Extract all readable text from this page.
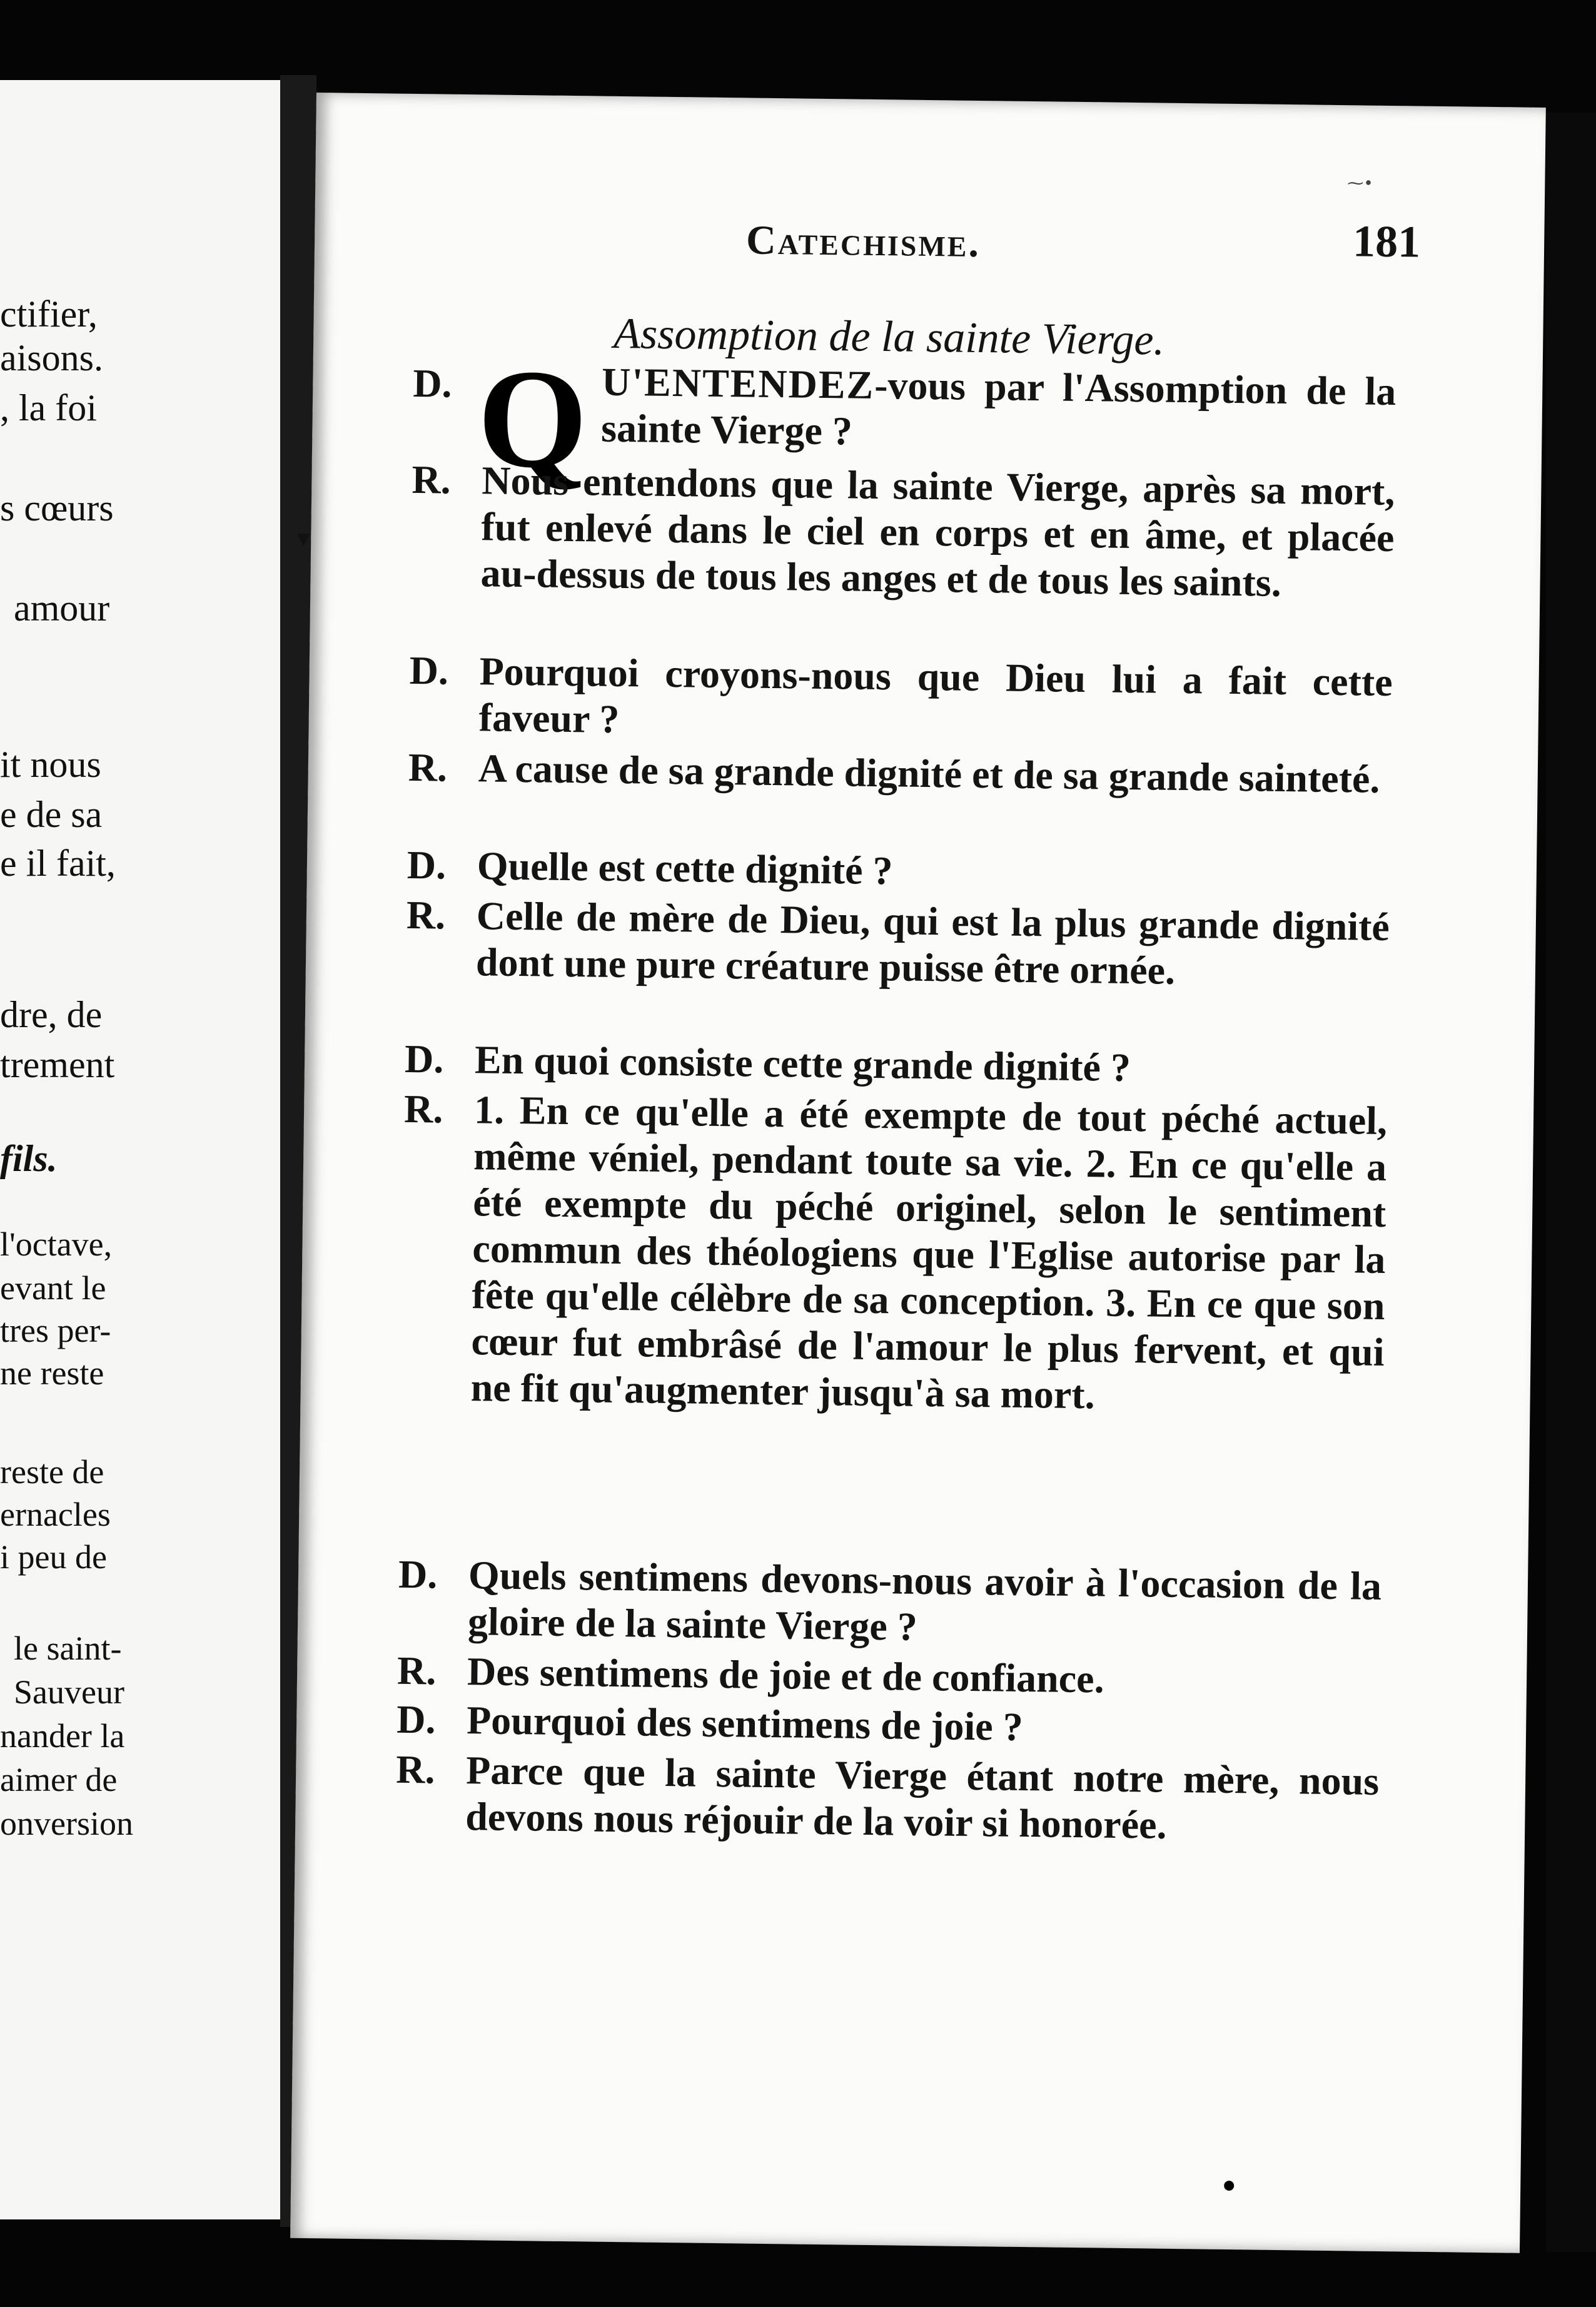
ctifier,
aisons.
, la foi
s cœurs
amour
it nous
e de sa
e il fait,
dre, de
trement
fils.
l'octave,
evant le
tres per-
ne reste
reste de
ernacles
i peu de
le saint-
Sauveur
nander la
aimer de
onversion
⁓•
Catechisme.	181
Assomption de la sainte Vierge.
D. Q U'ENTENDEZ-vous par l'Assomption de la sainte Vierge ?
R. Nous entendons que la sainte Vierge, après sa mort, fut enlevé dans le ciel en corps et en âme, et placée au-dessus de tous les anges et de tous les saints.
D. Pourquoi croyons-nous que Dieu lui a fait cette faveur ?
R. A cause de sa grande dignité et de sa grande sainteté.
D. Quelle est cette dignité ?
R. Celle de mère de Dieu, qui est la plus grande dignité dont une pure créature puisse être ornée.
D. En quoi consiste cette grande dignité ?
R. 1. En ce qu'elle a été exempte de tout péché actuel, même véniel, pendant toute sa vie. 2. En ce qu'elle a été exempte du péché originel, selon le sentiment commun des théologiens que l'Eglise autorise par la fête qu'elle célèbre de sa conception. 3. En ce que son cœur fut embrâsé de l'amour le plus fervent, et qui ne fit qu'augmenter jusqu'à sa mort.
D. Quels sentimens devons-nous avoir à l'occasion de la gloire de la sainte Vierge ?
R. Des sentimens de joie et de confiance.
D. Pourquoi des sentimens de joie ?
R. Parce que la sainte Vierge étant notre mère, nous devons nous réjouir de la voir si honorée.
▾
